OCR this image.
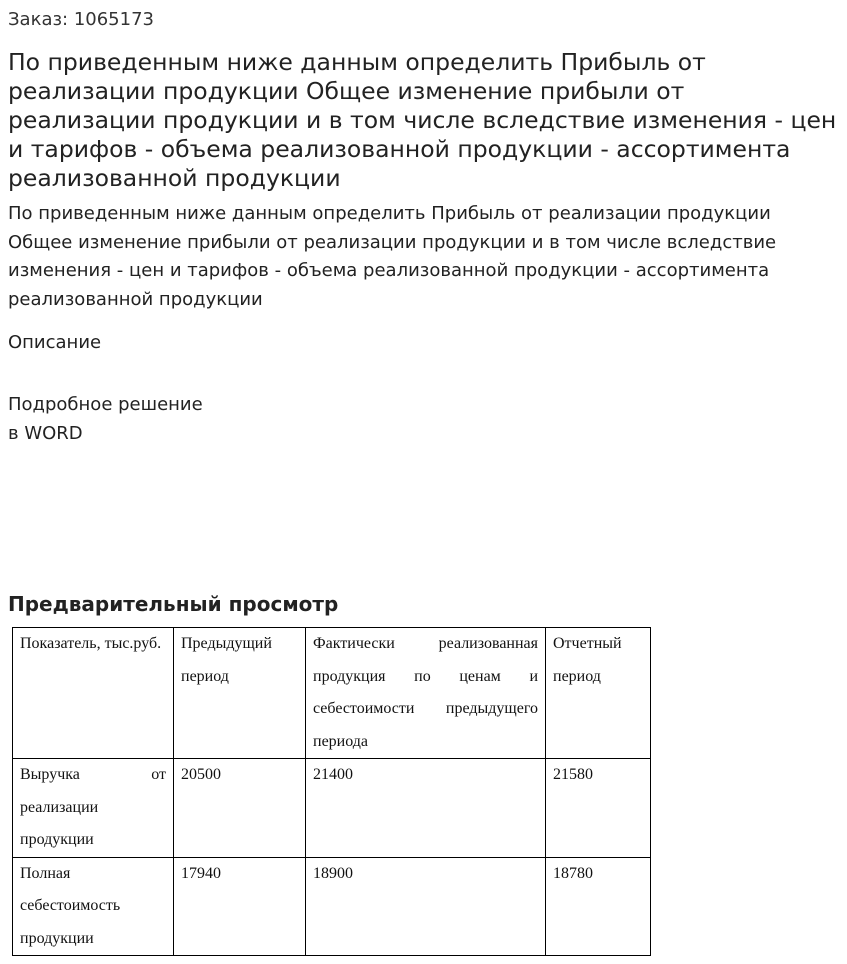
Заказ: 1065173
По приведенным ниже данным определить Прибыль от реализации продукции Общее изменение прибыли от реализации продукции и в том числе вследствие изменения - цен и тарифов - объема реализованной продукции - ассортимента реализованной продукции
По приведенным ниже данным определить Прибыль от реализации продукции Общее изменение прибыли от реализации продукции и в том числе вследствие изменения - цен и тарифов - объема реализованной продукции - ассортимента реализованной продукции
Описание
Подробное решение
в WORD
Предварительный просмотр
Показатель, тыс.руб.	Предыдущий период	Фактически реализованная продукция по ценам и себестоимости предыдущего периода	Отчетный период
Выручка от реализации продукции	20500	21400	21580
Полная себестоимость продукции	17940	18900	18780
